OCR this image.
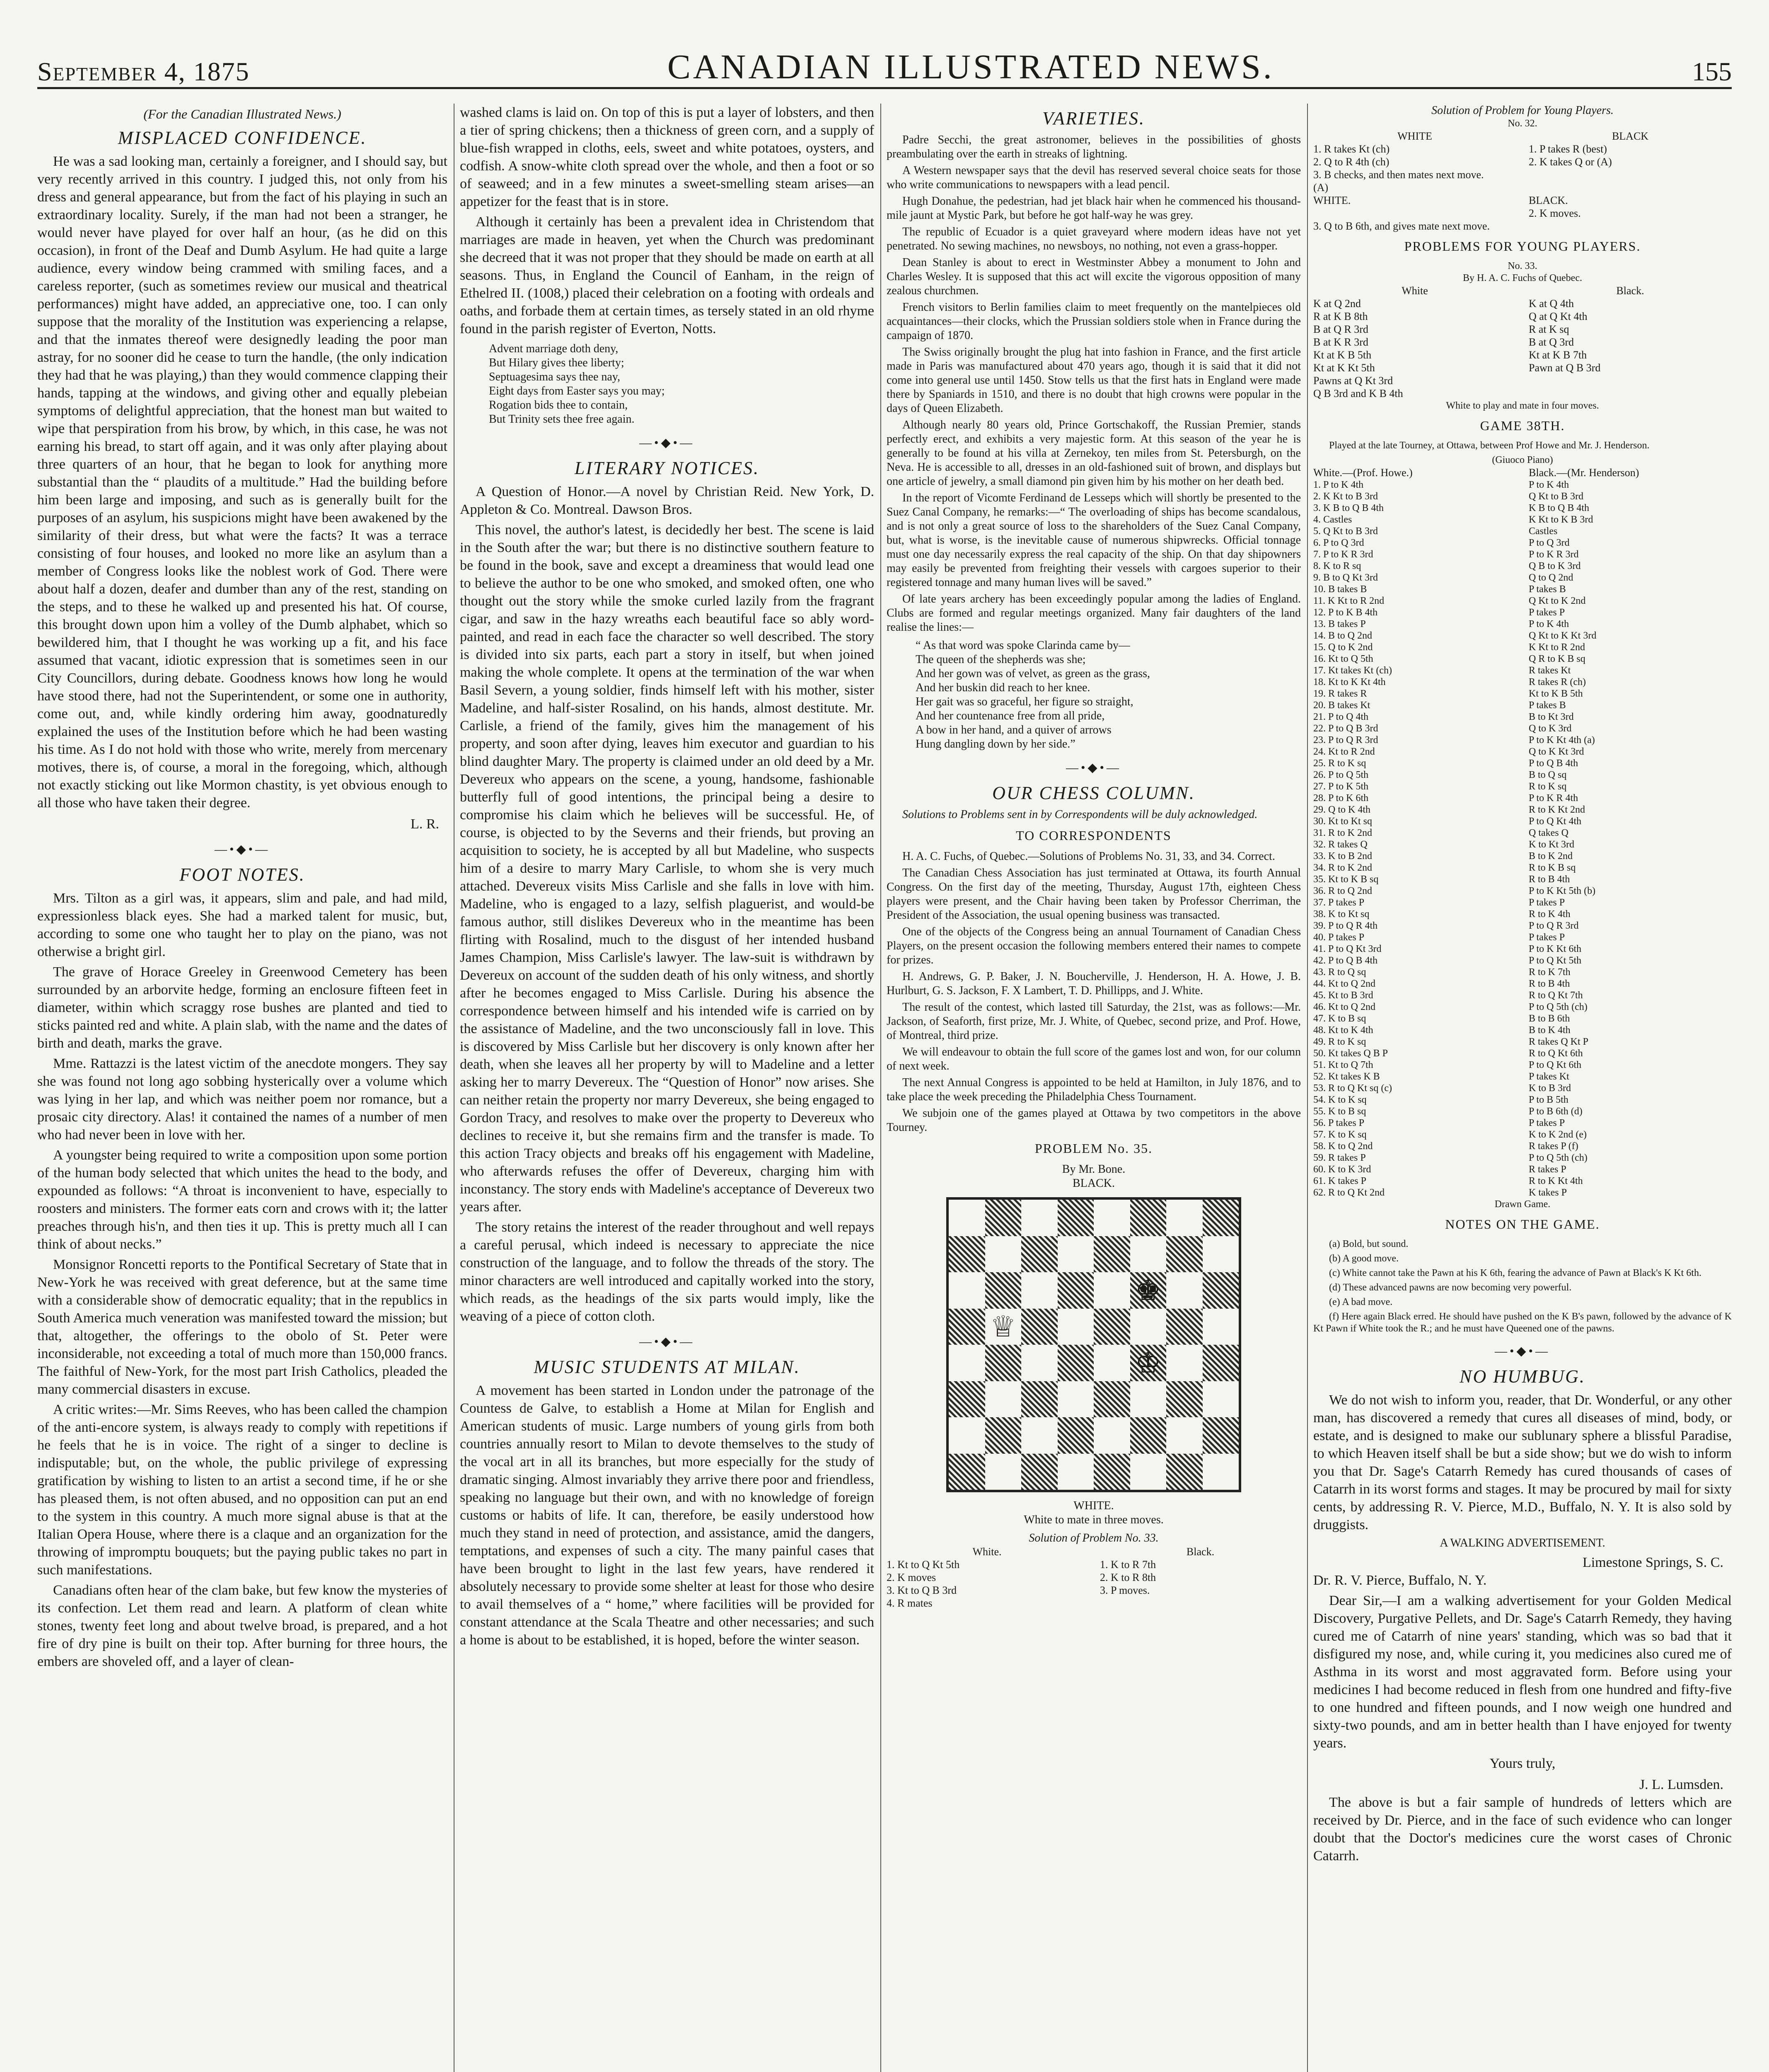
September 4, 1875	CANADIAN ILLUSTRATED NEWS.	155
(For the Canadian Illustrated News.)
MISPLACED CONFIDENCE.

He was a sad looking man, certainly a foreigner, and I should say, but very recently arrived in this country. I judged this, not only from his dress and general appearance, but from the fact of his playing in such an extraordinary locality. Surely, if the man had not been a stranger, he would never have played for over half an hour, (as he did on this occasion), in front of the Deaf and Dumb Asylum. He had quite a large audience, every window being crammed with smiling faces, and a careless reporter, (such as sometimes review our musical and theatrical performances) might have added, an appreciative one, too. I can only suppose that the morality of the Institution was experiencing a relapse, and that the inmates thereof were designedly leading the poor man astray, for no sooner did he cease to turn the handle, (the only indication they had that he was playing,) than they would commence clapping their hands, tapping at the windows, and giving other and equally plebeian symptoms of delightful appreciation, that the honest man but waited to wipe that perspiration from his brow, by which, in this case, he was not earning his bread, to start off again, and it was only after playing about three quarters of an hour, that he began to look for anything more substantial than the “ plaudits of a multitude.” Had the building before him been large and imposing, and such as is generally built for the purposes of an asylum, his suspicions might have been awakened by the similarity of their dress, but what were the facts? It was a terrace consisting of four houses, and looked no more like an asylum than a member of Congress looks like the noblest work of God. There were about half a dozen, deafer and dumber than any of the rest, standing on the steps, and to these he walked up and presented his hat. Of course, this brought down upon him a volley of the Dumb alphabet, which so bewildered him, that I thought he was working up a fit, and his face assumed that vacant, idiotic expression that is sometimes seen in our City Councillors, during debate. Goodness knows how long he would have stood there, had not the Superintendent, or some one in authority, come out, and, while kindly ordering him away, goodnaturedly explained the uses of the Institution before which he had been wasting his time. As I do not hold with those who write, merely from mercenary motives, there is, of course, a moral in the foregoing, which, although not exactly sticking out like Mormon chastity, is yet obvious enough to all those who have taken their degree.

L. R.
—•◆•—
FOOT NOTES.

Mrs. Tilton as a girl was, it appears, slim and pale, and had mild, expressionless black eyes. She had a marked talent for music, but, according to some one who taught her to play on the piano, was not otherwise a bright girl.

The grave of Horace Greeley in Greenwood Cemetery has been surrounded by an arborvite hedge, forming an enclosure fifteen feet in diameter, within which scraggy rose bushes are planted and tied to sticks painted red and white. A plain slab, with the name and the dates of birth and death, marks the grave.

Mme. Rattazzi is the latest victim of the anecdote mongers. They say she was found not long ago sobbing hysterically over a volume which was lying in her lap, and which was neither poem nor romance, but a prosaic city directory. Alas! it contained the names of a number of men who had never been in love with her.

A youngster being required to write a composition upon some portion of the human body selected that which unites the head to the body, and expounded as follows: “A throat is inconvenient to have, especially to roosters and ministers. The former eats corn and crows with it; the latter preaches through his'n, and then ties it up. This is pretty much all I can think of about necks.”

Monsignor Roncetti reports to the Pontifical Secretary of State that in New-York he was received with great deference, but at the same time with a considerable show of democratic equality; that in the republics in South America much veneration was manifested toward the mission; but that, altogether, the offerings to the obolo of St. Peter were inconsiderable, not exceeding a total of much more than 150,000 francs. The faithful of New-York, for the most part Irish Catholics, pleaded the many commercial disasters in excuse.

A critic writes:—Mr. Sims Reeves, who has been called the champion of the anti-encore system, is always ready to comply with repetitions if he feels that he is in voice. The right of a singer to decline is indisputable; but, on the whole, the public privilege of expressing gratification by wishing to listen to an artist a second time, if he or she has pleased them, is not often abused, and no opposition can put an end to the system in this country. A much more signal abuse is that at the Italian Opera House, where there is a claque and an organization for the throwing of impromptu bouquets; but the paying public takes no part in such manifestations.

Canadians often hear of the clam bake, but few know the mysteries of its confection. Let them read and learn. A platform of clean white stones, twenty feet long and about twelve broad, is prepared, and a hot fire of dry pine is built on their top. After burning for three hours, the embers are shoveled off, and a layer of clean-

washed clams is laid on. On top of this is put a layer of lobsters, and then a tier of spring chickens; then a thickness of green corn, and a supply of blue-fish wrapped in cloths, eels, sweet and white potatoes, oysters, and codfish. A snow-white cloth spread over the whole, and then a foot or so of seaweed; and in a few minutes a sweet-smelling steam arises—an appetizer for the feast that is in store.

Although it certainly has been a prevalent idea in Christendom that marriages are made in heaven, yet when the Church was predominant she decreed that it was not proper that they should be made on earth at all seasons. Thus, in England the Council of Eanham, in the reign of Ethelred II. (1008,) placed their celebration on a footing with ordeals and oaths, and forbade them at certain times, as tersely stated in an old rhyme found in the parish register of Everton, Notts.

Advent marriage doth deny,
But Hilary gives thee liberty;
Septuagesima says thee nay,
Eight days from Easter says you may;
Rogation bids thee to contain,
But Trinity sets thee free again.
—•◆•—
LITERARY NOTICES.

A Question of Honor.—A novel by Christian Reid. New York, D. Appleton & Co. Montreal. Dawson Bros.

This novel, the author's latest, is decidedly her best. The scene is laid in the South after the war; but there is no distinctive southern feature to be found in the book, save and except a dreaminess that would lead one to believe the author to be one who smoked, and smoked often, one who thought out the story while the smoke curled lazily from the fragrant cigar, and saw in the hazy wreaths each beautiful face so ably word-painted, and read in each face the character so well described. The story is divided into six parts, each part a story in itself, but when joined making the whole complete. It opens at the termination of the war when Basil Severn, a young soldier, finds himself left with his mother, sister Madeline, and half-sister Rosalind, on his hands, almost destitute. Mr. Carlisle, a friend of the family, gives him the management of his property, and soon after dying, leaves him executor and guardian to his blind daughter Mary. The property is claimed under an old deed by a Mr. Devereux who appears on the scene, a young, handsome, fashionable butterfly full of good intentions, the principal being a desire to compromise his claim which he believes will be successful. He, of course, is objected to by the Severns and their friends, but proving an acquisition to society, he is accepted by all but Madeline, who suspects him of a desire to marry Mary Carlisle, to whom she is very much attached. Devereux visits Miss Carlisle and she falls in love with him. Madeline, who is engaged to a lazy, selfish plaguerist, and would-be famous author, still dislikes Devereux who in the meantime has been flirting with Rosalind, much to the disgust of her intended husband James Champion, Miss Carlisle's lawyer. The law-suit is withdrawn by Devereux on account of the sudden death of his only witness, and shortly after he becomes engaged to Miss Carlisle. During his absence the correspondence between himself and his intended wife is carried on by the assistance of Madeline, and the two unconsciously fall in love. This is discovered by Miss Carlisle but her discovery is only known after her death, when she leaves all her property by will to Madeline and a letter asking her to marry Devereux. The “Question of Honor” now arises. She can neither retain the property nor marry Devereux, she being engaged to Gordon Tracy, and resolves to make over the property to Devereux who declines to receive it, but she remains firm and the transfer is made. To this action Tracy objects and breaks off his engagement with Madeline, who afterwards refuses the offer of Devereux, charging him with inconstancy. The story ends with Madeline's acceptance of Devereux two years after.

The story retains the interest of the reader throughout and well repays a careful perusal, which indeed is necessary to appreciate the nice construction of the language, and to follow the threads of the story. The minor characters are well introduced and capitally worked into the story, which reads, as the headings of the six parts would imply, like the weaving of a piece of cotton cloth.

—•◆•—
MUSIC STUDENTS AT MILAN.

A movement has been started in London under the patronage of the Countess de Galve, to establish a Home at Milan for English and American students of music. Large numbers of young girls from both countries annually resort to Milan to devote themselves to the study of the vocal art in all its branches, but more especially for the study of dramatic singing. Almost invariably they arrive there poor and friendless, speaking no language but their own, and with no knowledge of foreign customs or habits of life. It can, therefore, be easily understood how much they stand in need of protection, and assistance, amid the dangers, temptations, and expenses of such a city. The many painful cases that have been brought to light in the last few years, have rendered it absolutely necessary to provide some shelter at least for those who desire to avail themselves of a “ home,” where facilities will be provided for constant attendance at the Scala Theatre and other necessaries; and such a home is about to be established, it is hoped, before the winter season.

VARIETIES.

Padre Secchi, the great astronomer, believes in the possibilities of ghosts preambulating over the earth in streaks of lightning.

A Western newspaper says that the devil has reserved several choice seats for those who write communications to newspapers with a lead pencil.

Hugh Donahue, the pedestrian, had jet black hair when he commenced his thousand-mile jaunt at Mystic Park, but before he got half-way he was grey.

The republic of Ecuador is a quiet graveyard where modern ideas have not yet penetrated. No sewing machines, no newsboys, no nothing, not even a grass-hopper.

Dean Stanley is about to erect in Westminster Abbey a monument to John and Charles Wesley. It is supposed that this act will excite the vigorous opposition of many zealous churchmen.

French visitors to Berlin families claim to meet frequently on the mantelpieces old acquaintances—their clocks, which the Prussian soldiers stole when in France during the campaign of 1870.

The Swiss originally brought the plug hat into fashion in France, and the first article made in Paris was manufactured about 470 years ago, though it is said that it did not come into general use until 1450. Stow tells us that the first hats in England were made there by Spaniards in 1510, and there is no doubt that high crowns were popular in the days of Queen Elizabeth.

Although nearly 80 years old, Prince Gortschakoff, the Russian Premier, stands perfectly erect, and exhibits a very majestic form. At this season of the year he is generally to be found at his villa at Zernekoy, ten miles from St. Petersburgh, on the Neva. He is accessible to all, dresses in an old-fashioned suit of brown, and displays but one article of jewelry, a small diamond pin given him by his mother on her death bed.

In the report of Vicomte Ferdinand de Lesseps which will shortly be presented to the Suez Canal Company, he remarks:—“ The overloading of ships has become scandalous, and is not only a great source of loss to the shareholders of the Suez Canal Company, but, what is worse, is the inevitable cause of numerous shipwrecks. Official tonnage must one day necessarily express the real capacity of the ship. On that day shipowners may easily be prevented from freighting their vessels with cargoes superior to their registered tonnage and many human lives will be saved.”

Of late years archery has been exceedingly popular among the ladies of England. Clubs are formed and regular meetings organized. Many fair daughters of the land realise the lines:—

“ As that word was spoke Clarinda came by—
The queen of the shepherds was she;
And her gown was of velvet, as green as the grass,
And her buskin did reach to her knee.
Her gait was so graceful, her figure so straight,
And her countenance free from all pride,
A bow in her hand, and a quiver of arrows
Hung dangling down by her side.”
—•◆•—
OUR CHESS COLUMN.

Solutions to Problems sent in by Correspondents will be duly acknowledged.

TO CORRESPONDENTS

H. A. C. Fuchs, of Quebec.—Solutions of Problems No. 31, 33, and 34. Correct.

The Canadian Chess Association has just terminated at Ottawa, its fourth Annual Congress. On the first day of the meeting, Thursday, August 17th, eighteen Chess players were present, and the Chair having been taken by Professor Cherriman, the President of the Association, the usual opening business was transacted.

One of the objects of the Congress being an annual Tournament of Canadian Chess Players, on the present occasion the following members entered their names to compete for prizes.

H. Andrews, G. P. Baker, J. N. Boucherville, J. Henderson, H. A. Howe, J. B. Hurlburt, G. S. Jackson, F. X Lambert, T. D. Phillipps, and J. White.

The result of the contest, which lasted till Saturday, the 21st, was as follows:—Mr. Jackson, of Seaforth, first prize, Mr. J. White, of Quebec, second prize, and Prof. Howe, of Montreal, third prize.

We will endeavour to obtain the full score of the games lost and won, for our column of next week.

The next Annual Congress is appointed to be held at Hamilton, in July 1876, and to take place the week preceding the Philadelphia Chess Tournament.

We subjoin one of the games played at Ottawa by two competitors in the above Tourney.

PROBLEM No. 35.
By Mr. Bone.
BLACK.
♚
♕
♔
WHITE.
White to mate in three moves.
Solution of Problem No. 33.
White.	Black.
1. Kt to Q Kt 5th	1. K to R 7th
2. K moves	2. K to R 8th
3. Kt to Q B 3rd	3. P moves.
4. R mates
Solution of Problem for Young Players.
No. 32.
WHITE	BLACK
1. R takes Kt (ch)	1. P takes R (best)
2. Q to R 4th (ch)	2. K takes Q or (A)
3. B checks, and then mates next move.
(A)
WHITE.	BLACK.
2. K moves.
3. Q to B 6th, and gives mate next move.
PROBLEMS FOR YOUNG PLAYERS.
No. 33.
By H. A. C. Fuchs of Quebec.
White	Black.
K at Q 2nd	K at Q 4th
R at K B 8th	Q at Q Kt 4th
B at Q R 3rd	R at K sq
B at K R 3rd	B at Q 3rd
Kt at K B 5th	Kt at K B 7th
Kt at K Kt 5th	Pawn at Q B 3rd
Pawns at Q Kt 3rd
Q B 3rd and K B 4th
White to play and mate in four moves.
GAME 38TH.

Played at the late Tourney, at Ottawa, between Prof Howe and Mr. J. Henderson.

(Giuoco Piano)
White.—(Prof. Howe.)	Black.—(Mr. Henderson)
1. P to K 4th	P to K 4th
2. K Kt to B 3rd	Q Kt to B 3rd
3. K B to Q B 4th	K B to Q B 4th
4. Castles	K Kt to K B 3rd
5. Q Kt to B 3rd	Castles
6. P to Q 3rd	P to Q 3rd
7. P to K R 3rd	P to K R 3rd
8. K to R sq	Q B to K 3rd
9. B to Q Kt 3rd	Q to Q 2nd
10. B takes B	P takes B
11. K Kt to R 2nd	Q Kt to K 2nd
12. P to K B 4th	P takes P
13. B takes P	P to K 4th
14. B to Q 2nd	Q Kt to K Kt 3rd
15. Q to K 2nd	K Kt to R 2nd
16. Kt to Q 5th	Q R to K B sq
17. Kt takes Kt (ch)	R takes Kt
18. Kt to K Kt 4th	R takes R (ch)
19. R takes R	Kt to K B 5th
20. B takes Kt	P takes B
21. P to Q 4th	B to Kt 3rd
22. P to Q B 3rd	Q to K 3rd
23. P to Q R 3rd	P to K Kt 4th (a)
24. Kt to R 2nd	Q to K Kt 3rd
25. R to K sq	P to Q B 4th
26. P to Q 5th	B to Q sq
27. P to K 5th	R to K sq
28. P to K 6th	P to K R 4th
29. Q to K 4th	R to K Kt 2nd
30. Kt to Kt sq	P to Q Kt 4th
31. R to K 2nd	Q takes Q
32. R takes Q	K to Kt 3rd
33. K to B 2nd	B to K 2nd
34. R to K 2nd	R to K B sq
35. Kt to K B sq	R to B 4th
36. R to Q 2nd	P to K Kt 5th (b)
37. P takes P	P takes P
38. K to Kt sq	R to K 4th
39. P to Q R 4th	P to Q R 3rd
40. P takes P	P takes P
41. P to Q Kt 3rd	P to K Kt 6th
42. P to Q B 4th	P to Q Kt 5th
43. R to Q sq	R to K 7th
44. Kt to Q 2nd	R to B 4th
45. Kt to B 3rd	R to Q Kt 7th
46. Kt to Q 2nd	P to Q 5th (ch)
47. K to B sq	B to B 6th
48. Kt to K 4th	B to K 4th
49. R to K sq	R takes Q Kt P
50. Kt takes Q B P	R to Q Kt 6th
51. Kt to Q 7th	P to Q Kt 6th
52. Kt takes K B	P takes Kt
53. R to Q Kt sq (c)	K to B 3rd
54. K to K sq	P to B 5th
55. K to B sq	P to B 6th (d)
56. P takes P	P takes P
57. K to K sq	K to K 2nd (e)
58. K to Q 2nd	R takes P (f)
59. R takes P	P to Q 5th (ch)
60. K to K 3rd	R takes P
61. K takes P	R to K Kt 4th
62. R to Q Kt 2nd	K takes P
Drawn Game.
NOTES ON THE GAME.

(a) Bold, but sound.

(b) A good move.

(c) White cannot take the Pawn at his K 6th, fearing the advance of Pawn at Black's K Kt 6th.

(d) These advanced pawns are now becoming very powerful.

(e) A bad move.

(f) Here again Black erred. He should have pushed on the K B's pawn, followed by the advance of K Kt Pawn if White took the R.; and he must have Queened one of the pawns.

—•◆•—
NO HUMBUG.

We do not wish to inform you, reader, that Dr. Wonderful, or any other man, has discovered a remedy that cures all diseases of mind, body, or estate, and is designed to make our sublunary sphere a blissful Paradise, to which Heaven itself shall be but a side show; but we do wish to inform you that Dr. Sage's Catarrh Remedy has cured thousands of cases of Catarrh in its worst forms and stages. It may be procured by mail for sixty cents, by addressing R. V. Pierce, M.D., Buffalo, N. Y. It is also sold by druggists.

A WALKING ADVERTISEMENT.
Limestone Springs, S. C.

Dr. R. V. Pierce, Buffalo, N. Y.

Dear Sir,—I am a walking advertisement for your Golden Medical Discovery, Purgative Pellets, and Dr. Sage's Catarrh Remedy, they having cured me of Catarrh of nine years' standing, which was so bad that it disfigured my nose, and, while curing it, you medicines also cured me of Asthma in its worst and most aggravated form. Before using your medicines I had become reduced in flesh from one hundred and fifty-five to one hundred and fifteen pounds, and I now weigh one hundred and sixty-two pounds, and am in better health than I have enjoyed for twenty years.

Yours truly,
J. L. Lumsden.

The above is but a fair sample of hundreds of letters which are received by Dr. Pierce, and in the face of such evidence who can longer doubt that the Doctor's medicines cure the worst cases of Chronic Catarrh.
